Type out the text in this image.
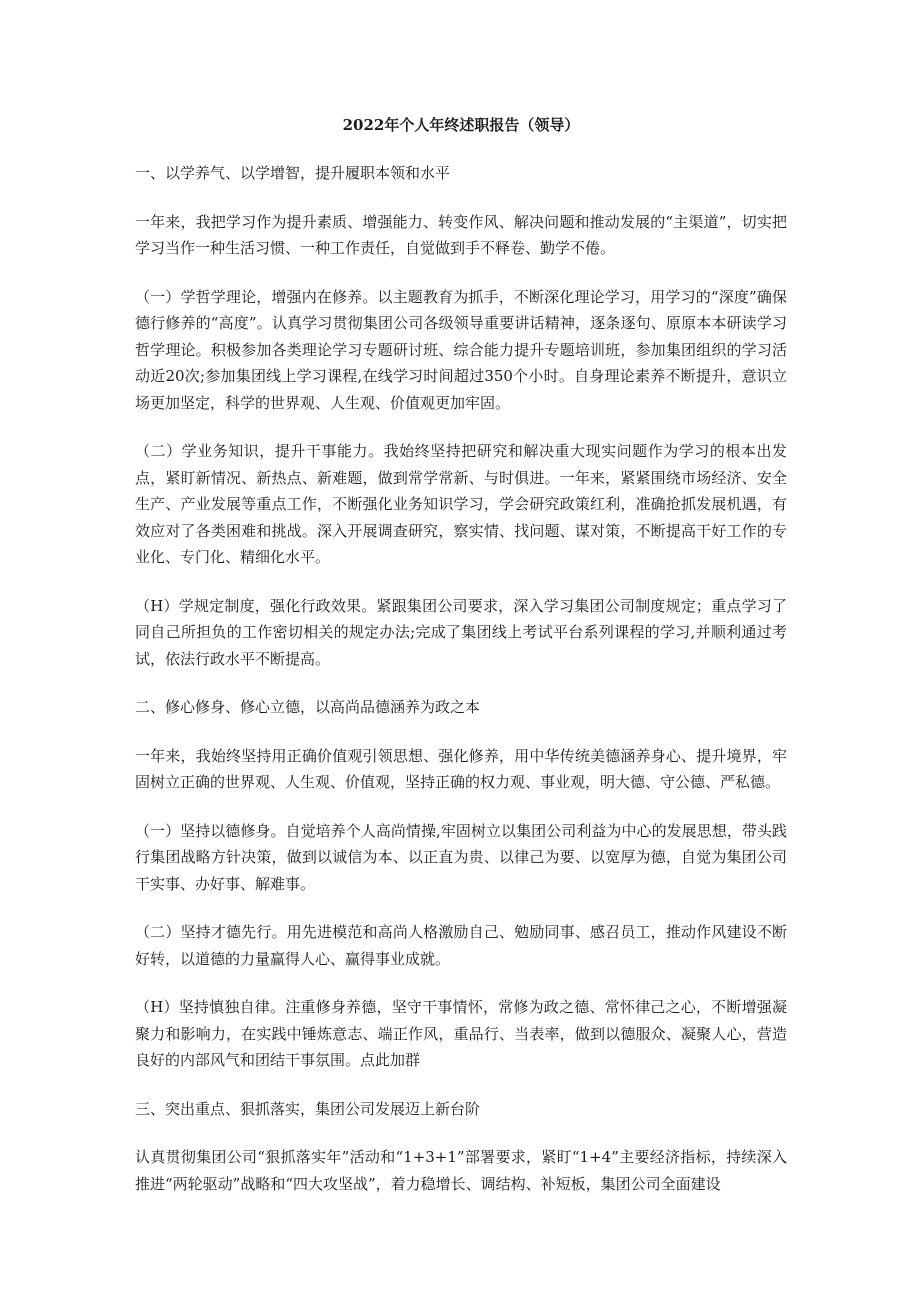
2022年个人年终述职报告（领导）
一、以学养气、以学增智，提升履职本领和水平
一年来，我把学习作为提升素质、增强能力、转变作风、解决问题和推动发展的“主渠道”，切实把学习当作一种生活习惯、一种工作责任，自觉做到手不释卷、勤学不倦。
（一）学哲学理论，增强内在修养。以主题教育为抓手，不断深化理论学习，用学习的“深度”确保德行修养的“高度”。认真学习贯彻集团公司各级领导重要讲话精神，逐条逐句、原原本本研读学习哲学理论。积极参加各类理论学习专题研讨班、综合能力提升专题培训班，参加集团组织的学习活动近20次;参加集团线上学习课程,在线学习时间超过350个小时。自身理论素养不断提升，意识立场更加坚定，科学的世界观、人生观、价值观更加牢固。
（二）学业务知识，提升干事能力。我始终坚持把研究和解决重大现实问题作为学习的根本出发点，紧盯新情况、新热点、新难题，做到常学常新、与时俱进。一年来，紧紧围绕市场经济、安全生产、产业发展等重点工作，不断强化业务知识学习，学会研究政策红利，准确抢抓发展机遇，有效应对了各类困难和挑战。深入开展调查研究，察实情、找问题、谋对策，不断提高干好工作的专业化、专门化、精细化水平。
（H）学规定制度，强化行政效果。紧跟集团公司要求，深入学习集团公司制度规定；重点学习了同自己所担负的工作密切相关的规定办法;完成了集团线上考试平台系列课程的学习,并顺利通过考试，依法行政水平不断提高。
二、修心修身、修心立德，以高尚品德涵养为政之本
一年来，我始终坚持用正确价值观引领思想、强化修养，用中华传统美德涵养身心、提升境界，牢固树立正确的世界观、人生观、价值观，坚持正确的权力观、事业观，明大德、守公德、严私德。
（一）坚持以德修身。自觉培养个人高尚情操,牢固树立以集团公司利益为中心的发展思想，带头践行集团战略方针决策，做到以诚信为本、以正直为贵、以律己为要、以宽厚为德，自觉为集团公司干实事、办好事、解难事。
（二）坚持才德先行。用先进模范和高尚人格激励自己、勉励同事、感召员工，推动作风建设不断好转，以道德的力量赢得人心、赢得事业成就。
（H）坚持慎独自律。注重修身养德，坚守干事情怀，常修为政之德、常怀律己之心，不断增强凝聚力和影响力，在实践中锤炼意志、端正作风，重品行、当表率，做到以德服众、凝聚人心，营造良好的内部风气和团结干事氛围。点此加群
三、突出重点、狠抓落实，集团公司发展迈上新台阶
认真贯彻集团公司“狠抓落实年”活动和“1+3+1”部署要求，紧盯“1+4”主要经济指标，持续深入推进“两轮驱动”战略和“四大攻坚战”，着力稳增长、调结构、补短板，集团公司全面建设
